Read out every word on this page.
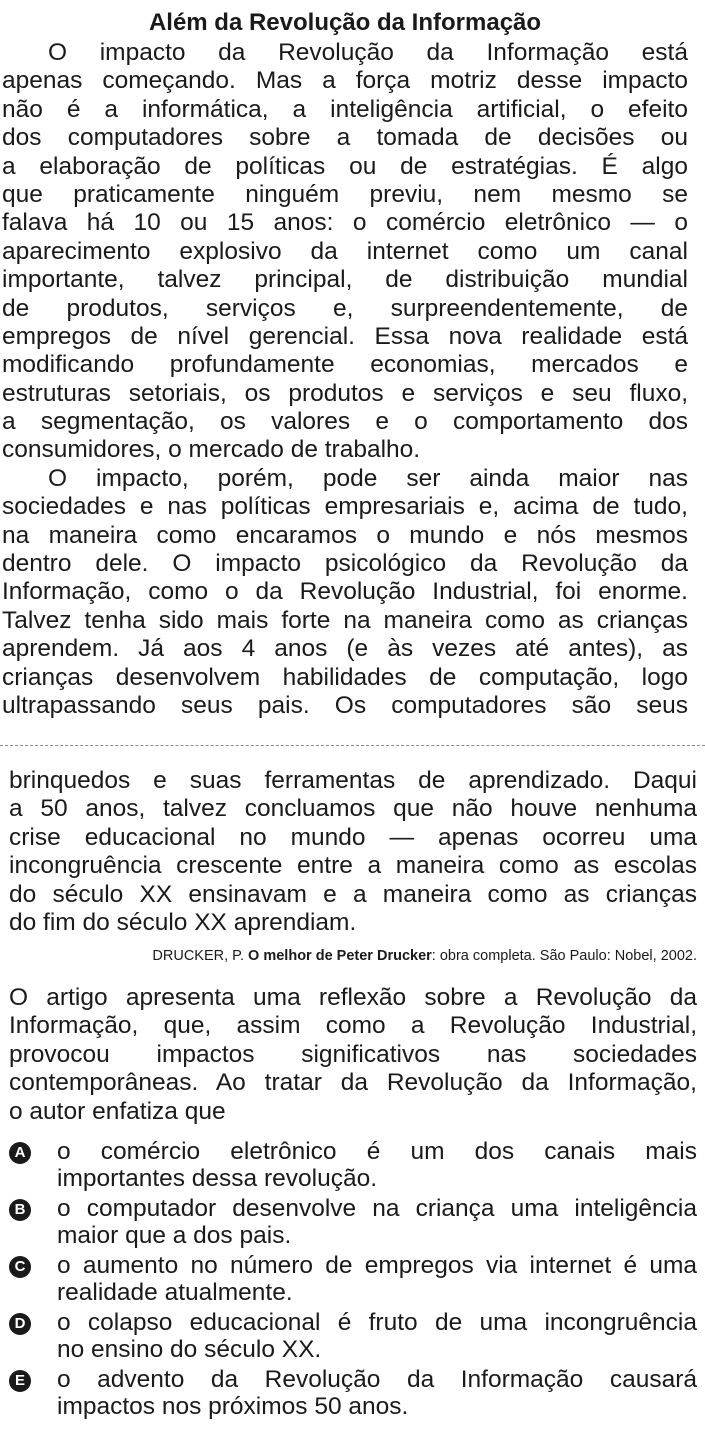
Além da Revolução da Informação
O impacto da Revolução da Informação está
apenas começando. Mas a força motriz desse impacto
não é a informática, a inteligência artificial, o efeito
dos computadores sobre a tomada de decisões ou
a elaboração de políticas ou de estratégias. É algo
que praticamente ninguém previu, nem mesmo se
falava há 10 ou 15 anos: o comércio eletrônico — o
aparecimento explosivo da internet como um canal
importante, talvez principal, de distribuição mundial
de produtos, serviços e, surpreendentemente, de
empregos de nível gerencial. Essa nova realidade está
modificando profundamente economias, mercados e
estruturas setoriais, os produtos e serviços e seu fluxo,
a segmentação, os valores e o comportamento dos
consumidores, o mercado de trabalho.
O impacto, porém, pode ser ainda maior nas
sociedades e nas políticas empresariais e, acima de tudo,
na maneira como encaramos o mundo e nós mesmos
dentro dele. O impacto psicológico da Revolução da
Informação, como o da Revolução Industrial, foi enorme.
Talvez tenha sido mais forte na maneira como as crianças
aprendem. Já aos 4 anos (e às vezes até antes), as
crianças desenvolvem habilidades de computação, logo
ultrapassando seus pais. Os computadores são seus
brinquedos e suas ferramentas de aprendizado. Daqui
a 50 anos, talvez concluamos que não houve nenhuma
crise educacional no mundo — apenas ocorreu uma
incongruência crescente entre a maneira como as escolas
do século XX ensinavam e a maneira como as crianças
do fim do século XX aprendiam.
DRUCKER, P. O melhor de Peter Drucker: obra completa. São Paulo: Nobel, 2002.
O artigo apresenta uma reflexão sobre a Revolução da
Informação, que, assim como a Revolução Industrial,
provocou impactos significativos nas sociedades
contemporâneas. Ao tratar da Revolução da Informação,
o autor enfatiza que
A o comércio eletrônico é um dos canais mais
importantes dessa revolução.
B o computador desenvolve na criança uma inteligência
maior que a dos pais.
C o aumento no número de empregos via internet é uma
realidade atualmente.
D o colapso educacional é fruto de uma incongruência
no ensino do século XX.
E o advento da Revolução da Informação causará
impactos nos próximos 50 anos.
